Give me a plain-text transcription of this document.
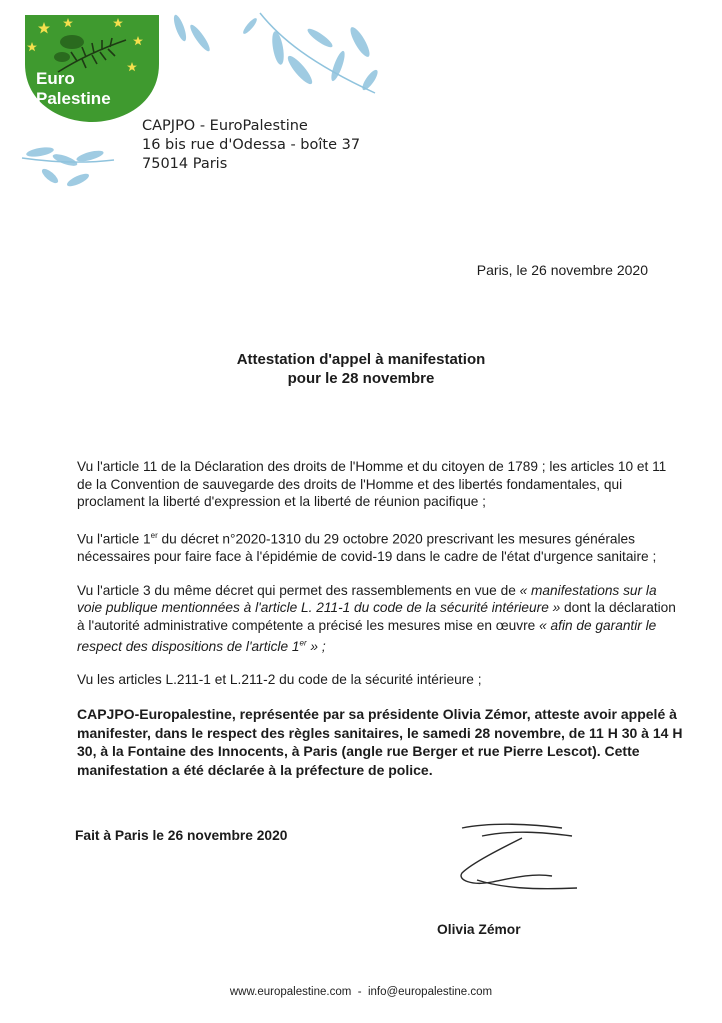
Euro
Palestine
CAPJPO - EuroPalestine
16 bis rue d'Odessa - boîte 37
75014 Paris
Paris, le 26 novembre 2020
Attestation d'appel à manifestation
pour le 28 novembre

Vu l'article 11 de la Déclaration des droits de l'Homme et du citoyen de 1789 ; les articles 10 et 11 de la Convention de sauvegarde des droits de l'Homme et des libertés fondamentales, qui proclament la liberté d'expression et la liberté de réunion pacifique ;

Vu l'article 1er du décret n°2020-1310 du 29 octobre 2020 prescrivant les mesures générales nécessaires pour faire face à l'épidémie de covid-19 dans le cadre de l'état d'urgence sanitaire ;

Vu l'article 3 du même décret qui permet des rassemblements en vue de « manifestations sur la voie publique mentionnées à l'article L. 211-1 du code de la sécurité intérieure » dont la déclaration à l'autorité administrative compétente a précisé les mesures mise en œuvre « afin de garantir le respect des dispositions de l'article 1er » ;

Vu les articles L.211-1 et L.211-2 du code de la sécurité intérieure ;

CAPJPO-Europalestine, représentée par sa présidente Olivia Zémor, atteste avoir appelé à manifester, dans le respect des règles sanitaires, le samedi 28 novembre, de 11 H 30 à 14 H 30, à la Fontaine des Innocents, à Paris (angle rue Berger et rue Pierre Lescot). Cette manifestation a été déclarée à la préfecture de police.

Fait à Paris le 26 novembre 2020
Olivia Zémor
www.europalestine.com - info@europalestine.com
